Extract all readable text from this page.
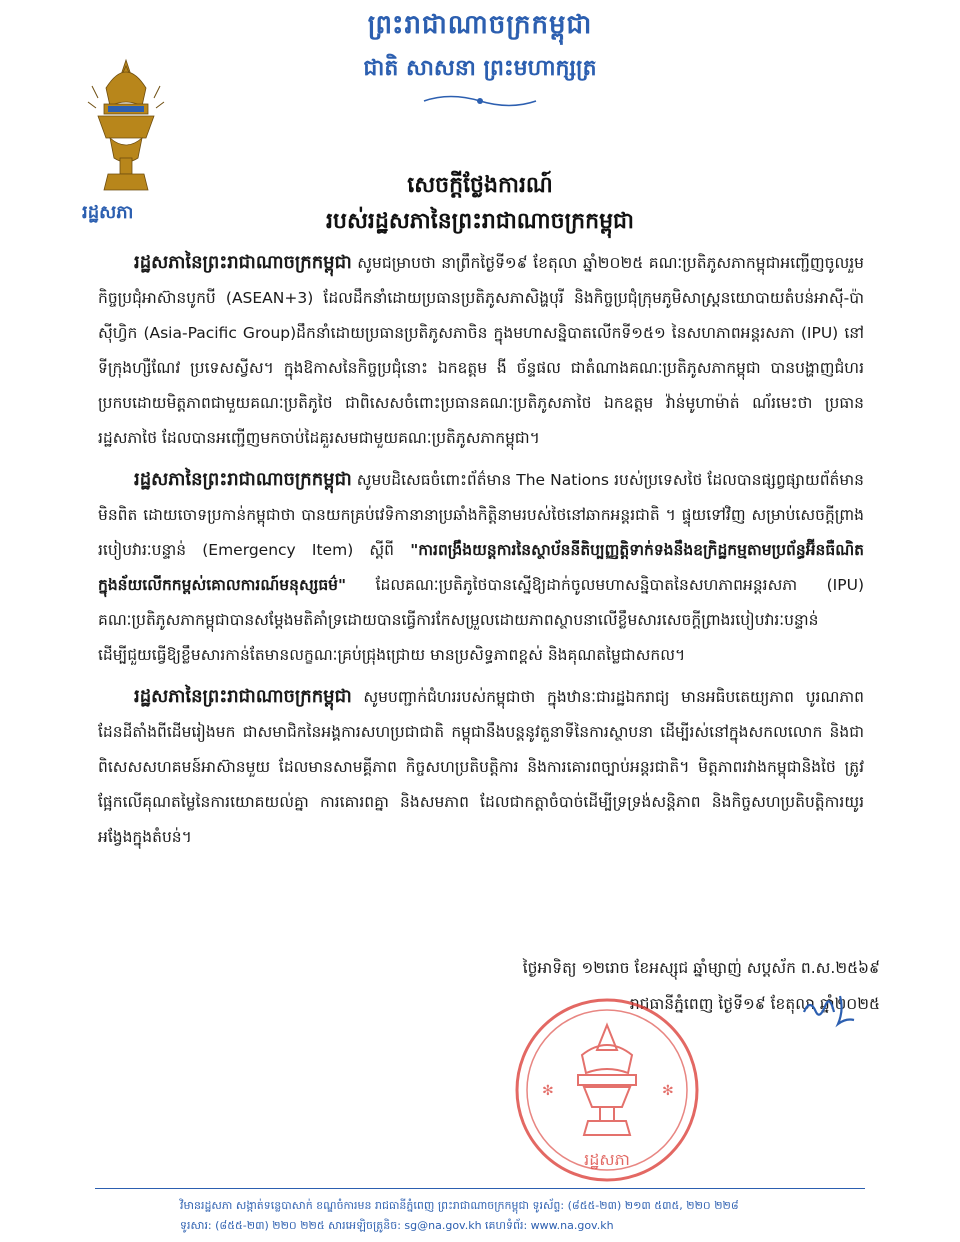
រដ្ឋសភា
ព្រះរាជាណាចក្រកម្ពុជា
ជាតិ សាសនា ព្រះមហាក្សត្រ
សេចក្តីថ្លែងការណ៍
របស់រដ្ឋសភានៃព្រះរាជាណាចក្រកម្ពុជា

រដ្ឋសភានៃព្រះរាជាណាចក្រកម្ពុជា សូមជម្រាបថា នាព្រឹកថ្ងៃទី១៩ ខែតុលា ឆ្នាំ២០២៥ គណៈប្រតិភូសភាកម្ពុជាអញ្ជើញចូលរួមកិច្ចប្រជុំអាស៊ានបូកបី (ASEAN+3) ដែលដឹកនាំដោយប្រធានប្រតិភូសភាសិង្ហបុរី និងកិច្ចប្រជុំក្រុមភូមិសាស្ត្រនយោបាយតំបន់អាស៊ី-ប៉ាស៊ីហ្វិក (Asia-Pacific Group)ដឹកនាំដោយប្រធានប្រតិភូសភាចិន ក្នុងមហាសន្និបាតលើកទី១៥១ នៃសហភាពអន្តរសភា (IPU) នៅទីក្រុងហ្សឺណែវ ប្រទេសស្វីស។ ក្នុងឱកាសនៃកិច្ចប្រជុំនោះ ឯកឧត្តម ងី ច័ន្ទផល ជាតំណាងគណៈប្រតិភូសភាកម្ពុជា បានបង្ហាញជំហរប្រកបដោយមិត្តភាពជាមួយគណៈប្រតិភូថៃ ជាពិសេសចំពោះប្រធានគណៈប្រតិភូសភាថៃ ឯកឧត្តម វ៉ាន់មូហាម៉ាត់ ណ័រមេះថា ប្រធានរដ្ឋសភាថៃ ដែលបានអញ្ជើញមកចាប់ដៃគួរសមជាមួយគណៈប្រតិភូសភាកម្ពុជា។

រដ្ឋសភានៃព្រះរាជាណាចក្រកម្ពុជា សូមបដិសេធចំពោះព័ត៌មាន The Nations របស់ប្រទេសថៃ ដែលបានផ្សព្វផ្សាយព័ត៌មានមិនពិត ដោយចោទប្រកាន់កម្ពុជាថា បានយកគ្រប់វេទិកានានាប្រឆាំងកិត្តិនាមរបស់ថៃនៅឆាកអន្តរជាតិ ។ ផ្ទុយទៅវិញ សម្រាប់សេចក្តីព្រាងរបៀបវារៈបន្ទាន់ (Emergency Item) ស្តីពី "ការពង្រឹងយន្តការនៃស្ថាប័ននីតិប្បញ្ញត្តិទាក់ទងនឹងឧក្រិដ្ឋកម្មតាមប្រព័ន្ធអ៊ីនធឺណិត ក្នុងន័យលើកកម្ពស់គោលការណ៍មនុស្សធម៌" ដែលគណៈប្រតិភូថៃបានស្នើឱ្យដាក់ចូលមហាសន្និបាតនៃសហភាពអន្តរសភា (IPU) គណៈប្រតិភូសភាកម្ពុជាបានសម្តែងមតិគាំទ្រដោយបានធ្វើការកែសម្រួលដោយភាពស្ថាបនាលើខ្លឹមសារសេចក្តីព្រាងរបៀបវារៈបន្ទាន់ ដើម្បីជួយធ្វើឱ្យខ្លឹមសារកាន់តែមានលក្ខណៈគ្រប់ជ្រុងជ្រោយ មានប្រសិទ្ធភាពខ្ពស់ និងគុណតម្លៃជាសកល។

រដ្ឋសភានៃព្រះរាជាណាចក្រកម្ពុជា សូមបញ្ជាក់ជំហររបស់កម្ពុជាថា ក្នុងឋានៈជារដ្ឋឯករាជ្យ មានអធិបតេយ្យភាព បូរណភាពដែនដីតាំងពីដើមរៀងមក ជាសមាជិកនៃអង្គការសហប្រជាជាតិ កម្ពុជានឹងបន្តនូវតួនាទីនៃការស្ថាបនា ដើម្បីរស់នៅក្នុងសកលលោក និងជាពិសេសសហគមន៍អាស៊ានមួយ ដែលមានសាមគ្គីភាព កិច្ចសហប្រតិបត្តិការ និងការគោរពច្បាប់អន្តរជាតិ។ មិត្តភាពរវាងកម្ពុជានិងថៃ ត្រូវផ្អែកលើគុណតម្លៃនៃការយោគយល់គ្នា ការគោរពគ្នា និងសមភាព ដែលជាកត្តាចំបាច់ដើម្បីទ្រទ្រង់សន្តិភាព និងកិច្ចសហប្រតិបត្តិការយូរអង្វែងក្នុងតំបន់។

ថ្ងៃអាទិត្យ ១២រោច ខែអស្សុជ ឆ្នាំម្សាញ់ សប្តស័ក ព.ស.២៥៦៩
រាជធានីភ្នំពេញ ថ្ងៃទី១៩ ខែតុលា ឆ្នាំ២០២៥
✻	✻
រដ្ឋសភា
វិមានរដ្ឋសភា សង្កាត់ទន្លេបាសាក់ ខណ្ឌចំការមន រាជធានីភ្នំពេញ ព្រះរាជាណាចក្រកម្ពុជា ទូរស័ព្ទ: (៨៥៥-២៣) ២១៣ ៥៣៥, ២២០ ២២៨
ទូរសារ: (៨៥៥-២៣) ២២០ ២២៥ សារអេឡិចត្រូនិច: sg@na.gov.kh គេហទំព័រ: www.na.gov.kh
